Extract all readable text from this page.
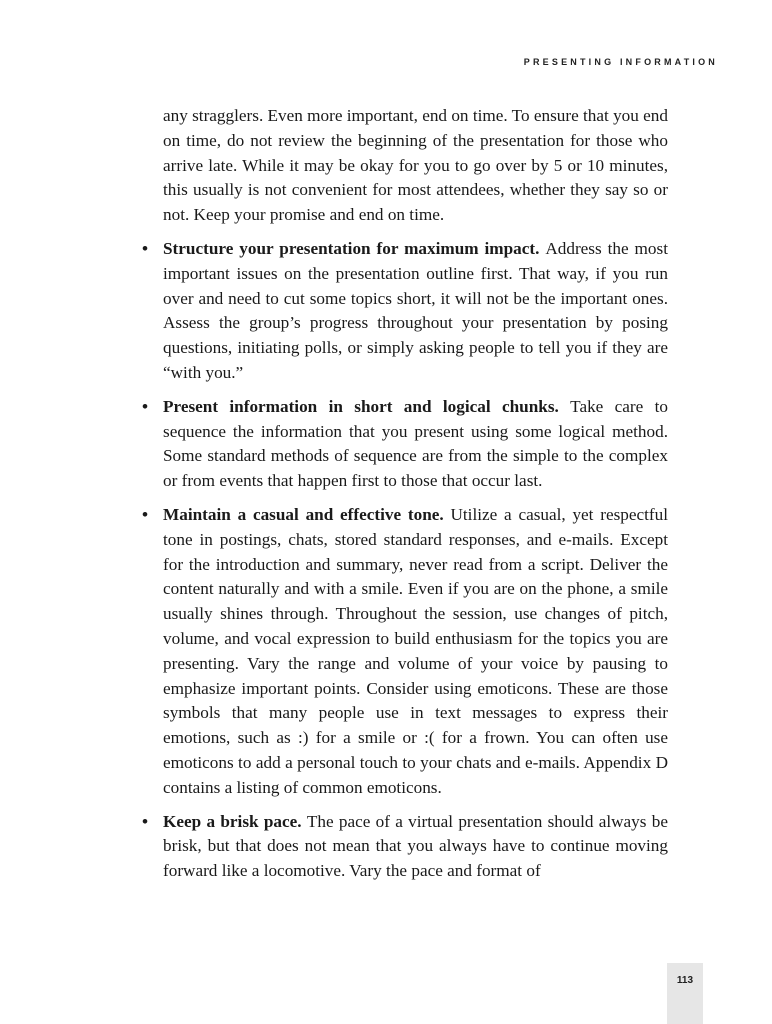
PRESENTING INFORMATION

any stragglers. Even more important, end on time. To ensure that you end on time, do not review the beginning of the presentation for those who arrive late. While it may be okay for you to go over by 5 or 10 minutes, this usually is not convenient for most attendees, whether they say so or not. Keep your promise and end on time.

• Structure your presentation for maximum impact. Address the most important issues on the presentation outline first. That way, if you run over and need to cut some topics short, it will not be the important ones. Assess the group’s progress throughout your presentation by posing questions, initiating polls, or simply asking people to tell you if they are “with you.”
• Present information in short and logical chunks. Take care to sequence the information that you present using some logical method. Some standard methods of sequence are from the simple to the complex or from events that happen first to those that occur last.
• Maintain a casual and effective tone. Utilize a casual, yet respectful tone in postings, chats, stored standard responses, and e-mails. Except for the introduction and summary, never read from a script. Deliver the content naturally and with a smile. Even if you are on the phone, a smile usually shines through. Throughout the session, use changes of pitch, volume, and vocal expression to build enthusiasm for the topics you are presenting. Vary the range and volume of your voice by pausing to emphasize important points. Consider using emoticons. These are those symbols that many people use in text messages to express their emotions, such as :) for a smile or :( for a frown. You can often use emoticons to add a personal touch to your chats and e-mails. Appendix D contains a listing of common emoticons.
• Keep a brisk pace. The pace of a virtual presentation should always be brisk, but that does not mean that you always have to continue moving forward like a locomotive. Vary the pace and format of
113
